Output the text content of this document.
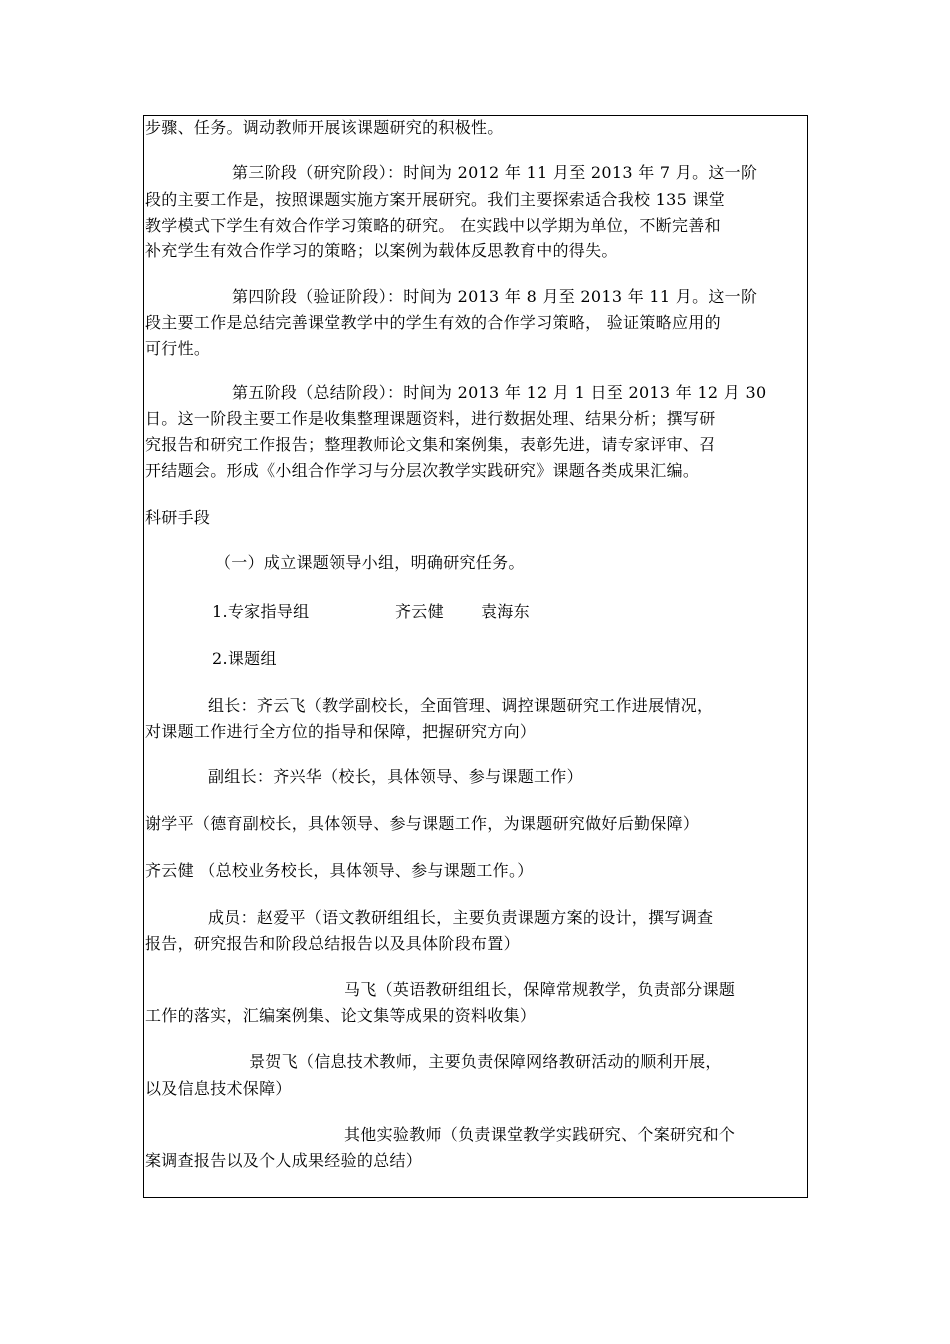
步骤、任务。调动教师开展该课题研究的积极性。
第三阶段（研究阶段）：时间为 2012 年 11 月至 2013 年 7 月。这一阶
段的主要工作是，按照课题实施方案开展研究。我们主要探索适合我校 135 课堂
教学模式下学生有效合作学习策略的研究。 在实践中以学期为单位，不断完善和
补充学生有效合作学习的策略；以案例为载体反思教育中的得失。
第四阶段（验证阶段）：时间为 2013 年 8 月至 2013 年 11 月。这一阶
段主要工作是总结完善课堂教学中的学生有效的合作学习策略， 验证策略应用的
可行性。
第五阶段（总结阶段）：时间为 2013 年 12 月 1 日至 2013 年 12 月 30
日。这一阶段主要工作是收集整理课题资料，进行数据处理、结果分析；撰写研
究报告和研究工作报告；整理教师论文集和案例集，表彰先进，请专家评审、召
开结题会。形成《小组合作学习与分层次教学实践研究》课题各类成果汇编。
科研手段
（一）成立课题领导小组，明确研究任务。
1.专家指导组	齐云健 袁海东
2.课题组
组长：齐云飞（教学副校长，全面管理、调控课题研究工作进展情况，
对课题工作进行全方位的指导和保障，把握研究方向）
副组长：齐兴华（校长，具体领导、参与课题工作）
谢学平（德育副校长，具体领导、参与课题工作，为课题研究做好后勤保障）
齐云健 （总校业务校长，具体领导、参与课题工作。）
成员：赵爱平（语文教研组组长，主要负责课题方案的设计，撰写调查
报告，研究报告和阶段总结报告以及具体阶段布置）
马飞（英语教研组组长，保障常规教学，负责部分课题
工作的落实，汇编案例集、论文集等成果的资料收集）
景贺飞（信息技术教师，主要负责保障网络教研活动的顺利开展，
以及信息技术保障）
其他实验教师（负责课堂教学实践研究、个案研究和个
案调查报告以及个人成果经验的总结）
